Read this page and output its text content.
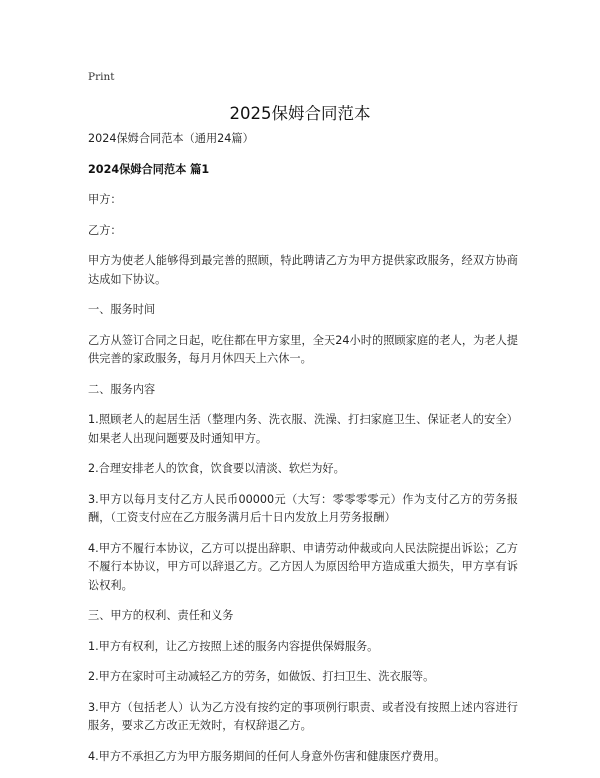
Print
2025保姆合同范本

2024保姆合同范本（通用24篇）

2024保姆合同范本 篇1

甲方：

乙方：

甲方为使老人能够得到最完善的照顾，特此聘请乙方为甲方提供家政服务，经双方协商达成如下协议。

一、服务时间

乙方从签订合同之日起，吃住都在甲方家里，全天24小时的照顾家庭的老人，为老人提供完善的家政服务，每月月休四天上六休一。

二、服务内容

1.照顾老人的起居生活（整理内务、洗衣服、洗澡、打扫家庭卫生、保证老人的安全）如果老人出现问题要及时通知甲方。

2.合理安排老人的饮食，饮食要以清淡、软烂为好。

3.甲方以每月支付乙方人民币00000元（大写：零零零零元）作为支付乙方的劳务报酬，（工资支付应在乙方服务满月后十日内发放上月劳务报酬）

4.甲方不履行本协议，乙方可以提出辞职、申请劳动仲裁或向人民法院提出诉讼；乙方不履行本协议，甲方可以辞退乙方。乙方因人为原因给甲方造成重大损失，甲方享有诉讼权利。

三、甲方的权利、责任和义务

1.甲方有权利，让乙方按照上述的服务内容提供保姆服务。

2.甲方在家时可主动减轻乙方的劳务，如做饭、打扫卫生、洗衣服等。

3.甲方（包括老人）认为乙方没有按约定的事项例行职责、或者没有按照上述内容进行服务，要求乙方改正无效时，有权辞退乙方。

4.甲方不承担乙方为甲方服务期间的任何人身意外伤害和健康医疗费用。
